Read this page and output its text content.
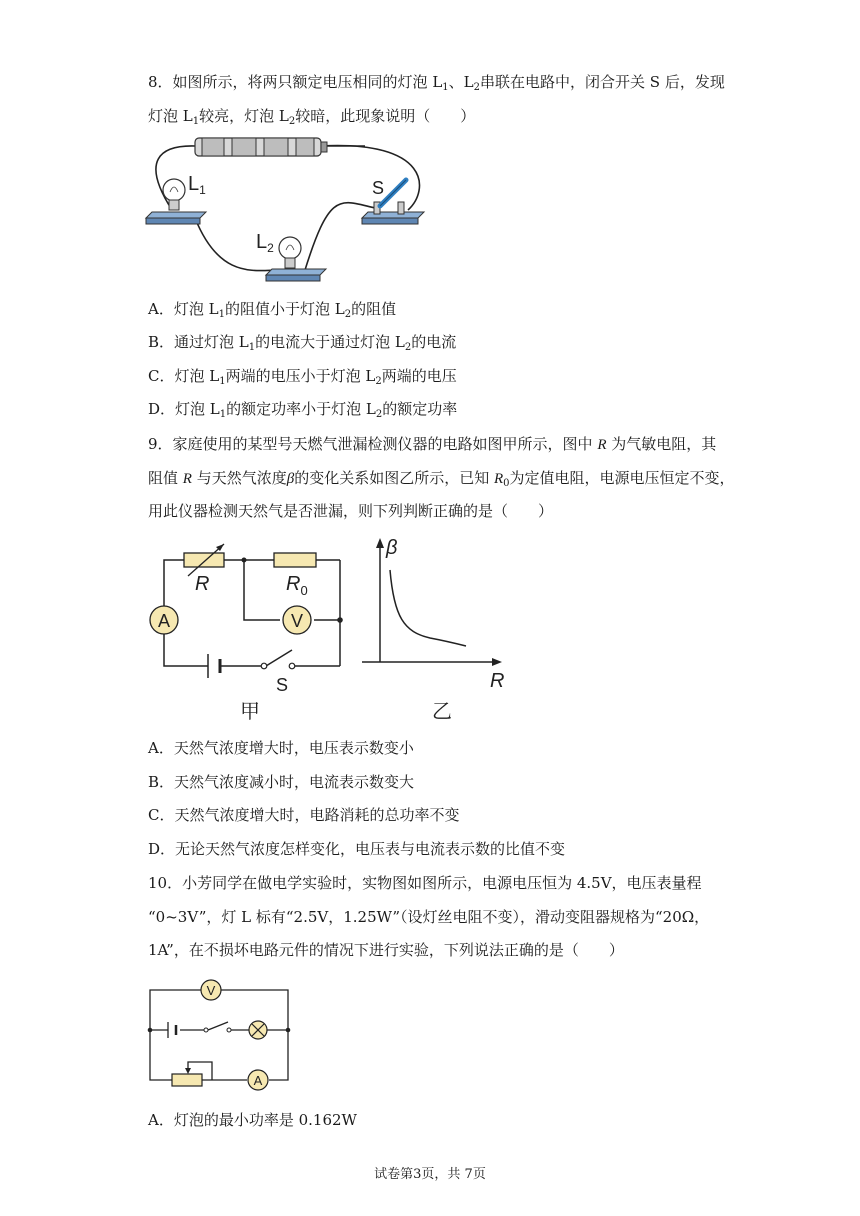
8．如图所示，将两只额定电压相同的灯泡 $L_1$、$L_2$串联在电路中，闭合开关 S 后，发现
灯泡 $L_1$较亮，灯泡 $L_2$较暗，此现象说明（　　）
$L_1$
$L_2$
S
A．灯泡 $L_1$的阻值小于灯泡 $L_2$的阻值
B．通过灯泡 $L_1$的电流大于通过灯泡 $L_2$的电流
C．灯泡 $L_1$两端的电压小于灯泡 $L_2$两端的电压
D．灯泡 $L_1$的额定功率小于灯泡 $L_2$的额定功率
9．家庭使用的某型号天燃气泄漏检测仪器的电路如图甲所示，图中 R 为气敏电阻，其
阻值 R 与天然气浓度β的变化关系如图乙所示，已知 $R_0$为定值电阻，电源电压恒定不变，
用此仪器检测天然气是否泄漏，则下列判断正确的是（　　）
R	$R_0$
A	V
S
甲
β
R
乙
A．天然气浓度增大时，电压表示数变小
B．天然气浓度减小时，电流表示数变大
C．天然气浓度增大时，电路消耗的总功率不变
D．无论天然气浓度怎样变化，电压表与电流表示数的比值不变
10．小芳同学在做电学实验时，实物图如图所示，电源电压恒为 4.5V，电压表量程
“0~3V”，灯 L 标有“2.5V，1.25W”（设灯丝电阻不变），滑动变阻器规格为“20Ω，
1A”，在不损坏电路元件的情况下进行实验，下列说法正确的是（　　）
V
A
A．灯泡的最小功率是 0.162W
试卷第3页，共 7页
